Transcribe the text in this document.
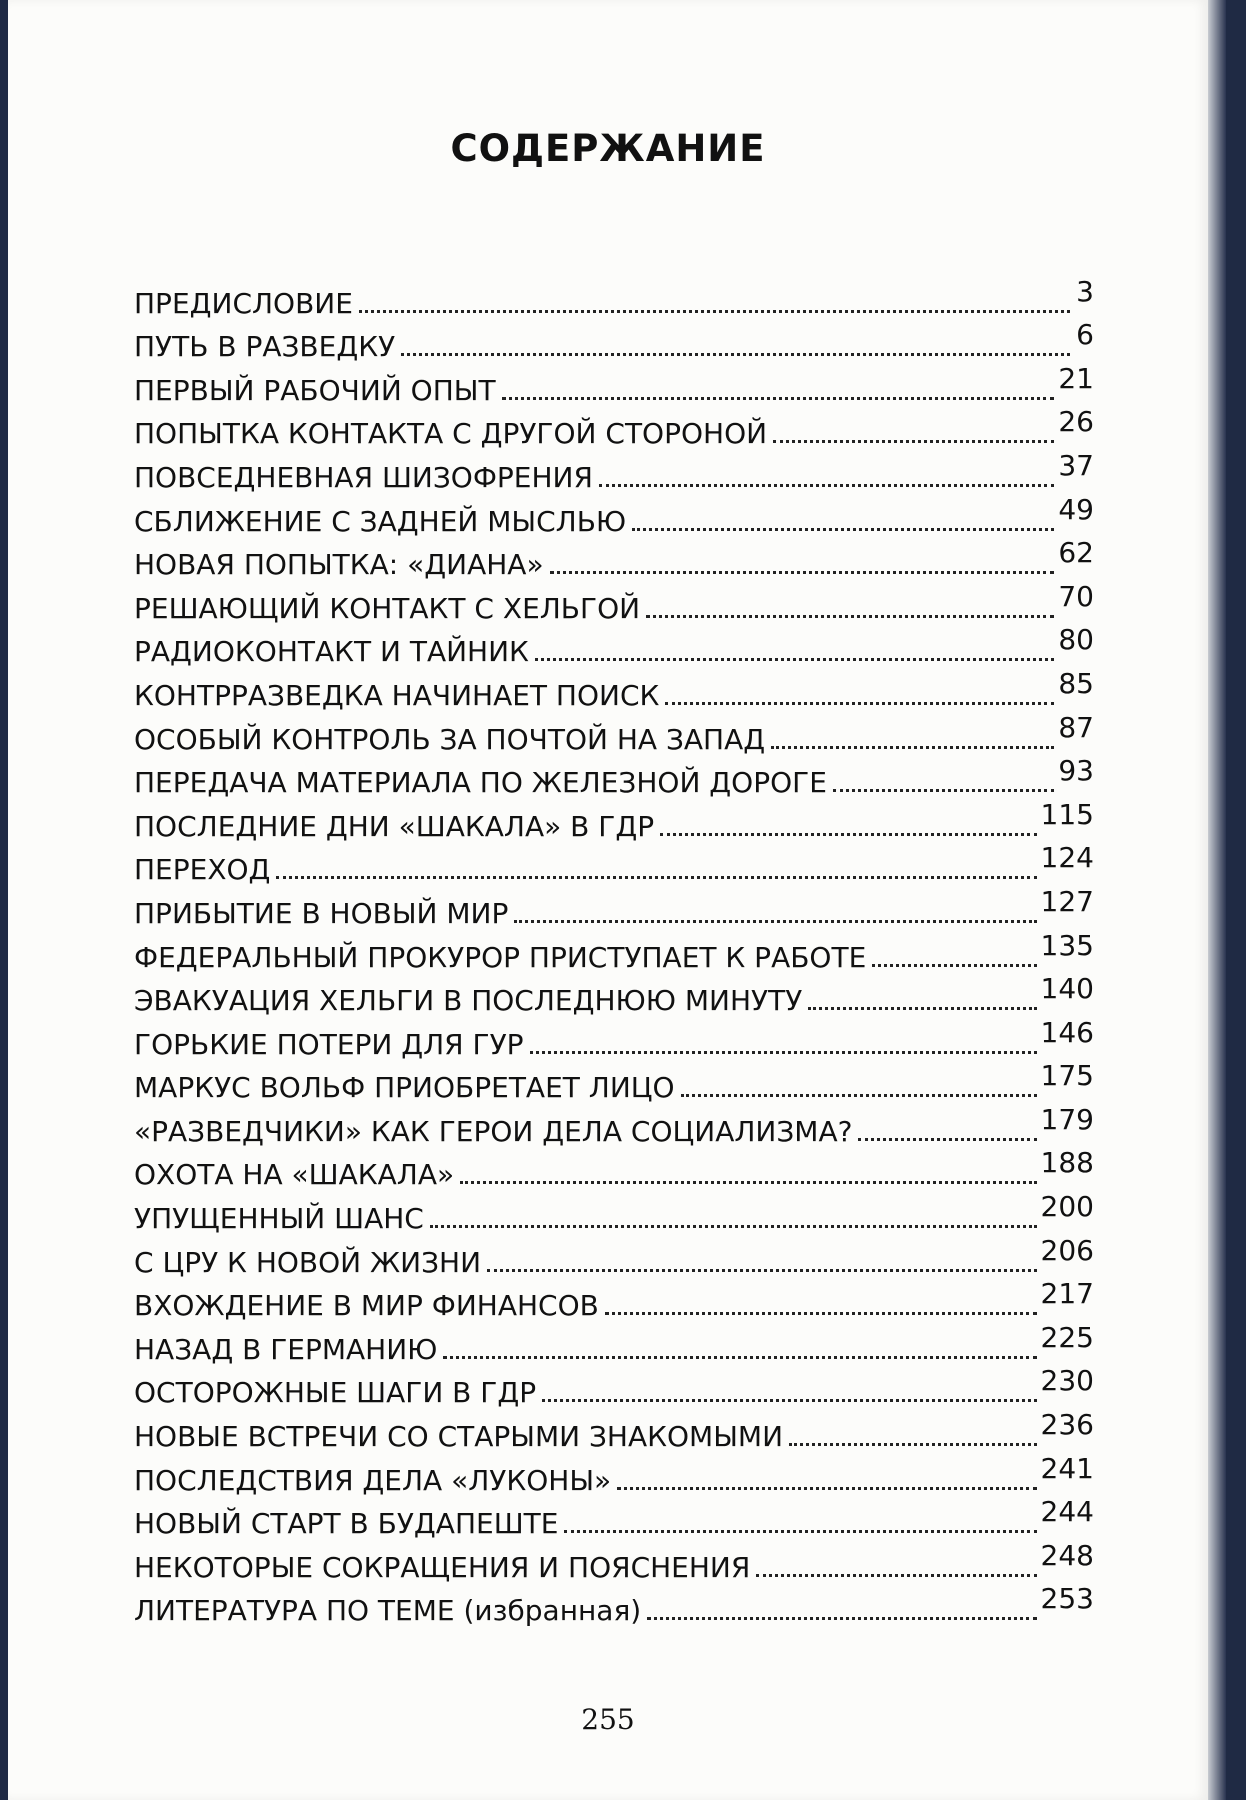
СОДЕРЖАНИЕ
ПРЕДИСЛОВИЕ	3
ПУТЬ В РАЗВЕДКУ	6
ПЕРВЫЙ РАБОЧИЙ ОПЫТ	21
ПОПЫТКА КОНТАКТА С ДРУГОЙ СТОРОНОЙ	26
ПОВСЕДНЕВНАЯ ШИЗОФРЕНИЯ	37
СБЛИЖЕНИЕ С ЗАДНЕЙ МЫСЛЬЮ	49
НОВАЯ ПОПЫТКА: «ДИАНА»	62
РЕШАЮЩИЙ КОНТАКТ С ХЕЛЬГОЙ	70
РАДИОКОНТАКТ И ТАЙНИК	80
КОНТРРАЗВЕДКА НАЧИНАЕТ ПОИСК	85
ОСОБЫЙ КОНТРОЛЬ ЗА ПОЧТОЙ НА ЗАПАД	87
ПЕРЕДАЧА МАТЕРИАЛА ПО ЖЕЛЕЗНОЙ ДОРОГЕ	93
ПОСЛЕДНИЕ ДНИ «ШАКАЛА» В ГДР	115
ПЕРЕХОД	124
ПРИБЫТИЕ В НОВЫЙ МИР	127
ФЕДЕРАЛЬНЫЙ ПРОКУРОР ПРИСТУПАЕТ К РАБОТЕ	135
ЭВАКУАЦИЯ ХЕЛЬГИ В ПОСЛЕДНЮЮ МИНУТУ	140
ГОРЬКИЕ ПОТЕРИ ДЛЯ ГУР	146
МАРКУС ВОЛЬФ ПРИОБРЕТАЕТ ЛИЦО	175
«РАЗВЕДЧИКИ» КАК ГЕРОИ ДЕЛА СОЦИАЛИЗМА?	179
ОХОТА НА «ШАКАЛА»	188
УПУЩЕННЫЙ ШАНС	200
С ЦРУ К НОВОЙ ЖИЗНИ	206
ВХОЖДЕНИЕ В МИР ФИНАНСОВ	217
НАЗАД В ГЕРМАНИЮ	225
ОСТОРОЖНЫЕ ШАГИ В ГДР	230
НОВЫЕ ВСТРЕЧИ СО СТАРЫМИ ЗНАКОМЫМИ	236
ПОСЛЕДСТВИЯ ДЕЛА «ЛУКОНЫ»	241
НОВЫЙ СТАРТ В БУДАПЕШТЕ	244
НЕКОТОРЫЕ СОКРАЩЕНИЯ И ПОЯСНЕНИЯ	248
ЛИТЕРАТУРА ПО ТЕМЕ (избранная)	253
255
